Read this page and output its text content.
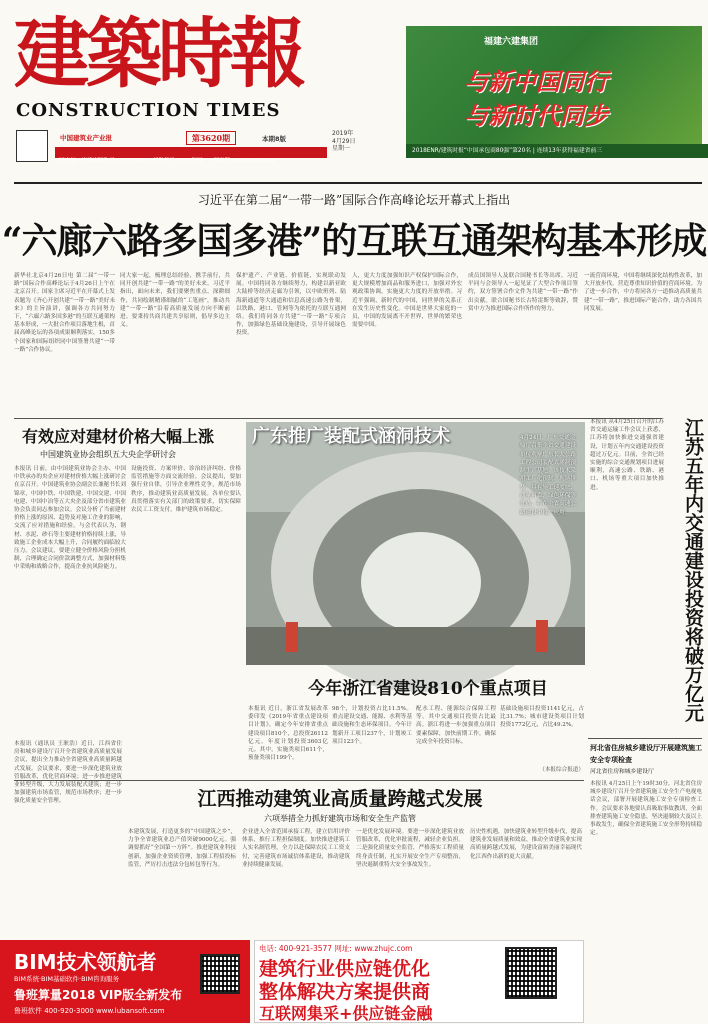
建築時報
CONSTRUCTION TIMES
中国建筑业产业报	第3620期	本期8版
国内统一连续出版物号 CN 31-0051 邮发代号 3-82 每周一、四出版 www.jzsbs.com
2019年
4月29日
星期一
福建六建集团
与新中国同行
与新时代同步
2018ENR/建筑时报“中国承包商80强”第20名 | 连续13年获得福建省前三
习近平在第二届“一带一路”国际合作高峰论坛开幕式上指出
“六廊六路多国多港”的互联互通架构基本形成
新华社北京4月26日电 第二届“一带一路”国际合作高峰论坛于4月26日上午在北京召开。国家主席习近平在开幕式上发表题为《齐心开创共建“一带一路”美好未来》的主旨演讲，强调各方共同努力下，“六廊六路多国多港”的互联互通架构基本形成，一大批合作项目落地生根，首届高峰论坛的各项成果顺利落实，150多个国家和国际组织同中国签署共建“一带一路”合作协议。
同大家一起，梳理总结经验，携手前行，共同开创共建“一带一路”的美好未来。习近平指出，面向未来，我们要聚焦重点、深耕细作，共同绘制精谨细腻的“工笔画”，推动共建“一带一路”沿着高质量发展方向不断前进。要秉持共商共建共享原则，倡导多边主义。
保护遗产、产业链、价值链，实现联动发展。中国将同各方继续努力，构建以新亚欧大陆桥等经济走廊为引领，以中欧班列、陆海新通道等大通道和信息高速公路为骨架，以铁路、港口、管网等为依托的互联互通网络。我们将同各方共建“一带一路”专项合作，加强绿色基础设施建设，引导开展绿色投资。
人，更大力度加强知识产权保护国际合作，更大规模增加商品和服务进口，加强对外宏观政策协调，实施更大力度的开放举措。习近平强调，新时代的中国，同世界的关系正在发生历史性变化。中国是世界大家庭的一员，中国的发展离不开世界，世界的繁荣也需要中国。
成员国领导人及联合国秘书长等出席。习近平同与会领导人一起见证了大型合作项目签约，双方签署合作文件为共建“一带一路”作出贡献。联合国秘书长古特雷斯等致辞，赞赏中方为推进国际合作所作的努力。
一流营商环境，中国将继续深化结构性改革，加大开放步伐，营造尊重知识价值的营商环境。为了进一步合作，中方将同各方一道推动高质量共建“一带一路”，推进国际产能合作，助力各国共同发展。
有效应对建材价格大幅上涨
中国建筑业协会组织五大央企学研讨会
本报讯 日前，由中国建筑业协会主办、中国中铁承办的央企应对建材价格大幅上涨研讨会在京召开。中国建筑业协会副会长兼秘书长刘锦章，中国中铁、中国铁建、中国交建、中国电建、中国中冶等五大央企及部分省市建筑业协会负责同志参加会议。会议分析了当前建材价格上涨的原因、趋势及对施工企业的影响，交流了应对措施和经验。与会代表认为，钢材、水泥、砂石等主要建材价格持续上涨，导致施工企业成本大幅上升，合同履约面临较大压力。会议建议，要建立健全价格风险分担机制，合理确定合同价款调整方式，加强材料集中采购和战略合作，提高企业抗风险能力。
设施投资、方案审价、诊治经济纠纷、价格监管措施等方面交流经验。会议提出，要加强行业自律，引导企业理性竞争，规范市场秩序，推动建筑业高质量发展。各单位要认真贯彻落实有关部门的政策要求，切实保障农民工工资支付，维护建筑市场稳定。
广东推广装配式涵洞技术	4月24日，广东交通运输厅召集全省交通建设单位观摩广东长大公路工程公司装配式涵洞预制生产基地。该技术采用工厂化预制、现场拼装，具有施工速度快、质量可靠、绿色环保等优点，将在全省高速公路建设中推广应用。
今年浙江省建设810个重点项目
本报讯 近日，浙江省发展改革委印发《2019年省重点建设项目计划》，确定今年安排省重点建设项目810个，总投资26112亿元，年度计划投资3603亿元。其中，实施类项目611个，预备类项目199个。
98个，计划投资占比11.5%。重点建设交通、能源、水利等基础设施和生态环保项目。今年计划新开工项目237个，计划竣工项目123个。
配水工程、能源综合保障工程等。其中交通项目投资占比最高。浙江将进一步加强重点项目要素保障，加快前期工作，确保完成全年投资目标。
基础设施项目投资1141亿元，占比31.7%；城市建设类项目计划投资1772亿元，占比49.2%。
（本报综合报道）
本报讯 从4月25日召开的江苏省交通运输工作会议上获悉，江苏将加快推进交通强省建设，计划五年内交通建设投资超过万亿元。目前，全省已经实施的综合交通规划项目进展顺利，高速公路、铁路、港口、机场等重大项目加快推进。	江苏五年内交通建设投资将破万亿元
江西推动建筑业高质量跨越式发展
六项举措全力抓好建筑市场和安全生产监管
本报讯（通讯员 王耿浩）近日，江西省住房和城乡建设厅召开全省建筑业高质量发展会议，提出全力推动全省建筑业高质量跨越式发展。会议要求，要进一步深化建筑业放管服改革，优化营商环境；进一步推进建筑业转型升级，大力发展装配式建筑；进一步加强建筑市场监管，规范市场秩序；进一步强化质量安全管理。
本建筑发展，打造更多的“中国建筑之乡”，力争全省建筑业总产值突破9000亿元。强调要抓好“全国第一方阵”。推进建筑业科技创新，加强企业资质管理，加强工程招投标监管，严厉打击违法分包转包等行为。
企业进入全省范围承接工程，建立信用评价体系，推行工程担保制度。加快推进建筑工人实名制管理，全力以赴保障农民工工资支付，完善建筑市场诚信体系建设，推动建筑业持续健康发展。
一是优化发展环境。要进一步深化建筑业放管服改革，优化审批流程，减轻企业负担。二是强化质量安全监管，严格落实工程质量终身责任制，扎实开展安全生产专项整治，坚决遏制重特大安全事故发生。
历史性机遇，加快建筑业转型升级步伐，提高建筑业发展质量和效益，推动全省建筑业实现高质量跨越式发展，为建设富裕美丽幸福现代化江西作出新的更大贡献。
河北省住房城乡建设厅开展建筑施工安全专项检查
河北省住房和城乡建设厅
本报讯 4月25日上午19时30分，河北省住房城乡建设厅召开全省建筑施工安全生产电视电话会议，部署开展建筑施工安全专项检查工作。会议要求各地要认真吸取事故教训，全面排查建筑施工安全隐患，坚决遏制较大及以上事故发生，确保全省建筑施工安全形势持续稳定。
BIM技术领航者
BIM系统·BIM基础软件·BIM咨询服务
鲁班算量2018 VIP版全新发布
鲁班软件 400-920-3000 www.lubansoft.com
电话: 400-921-3577 网址: www.zhujc.com
建筑行业供应链优化
整体解决方案提供商
互联网集采+供应链金融
